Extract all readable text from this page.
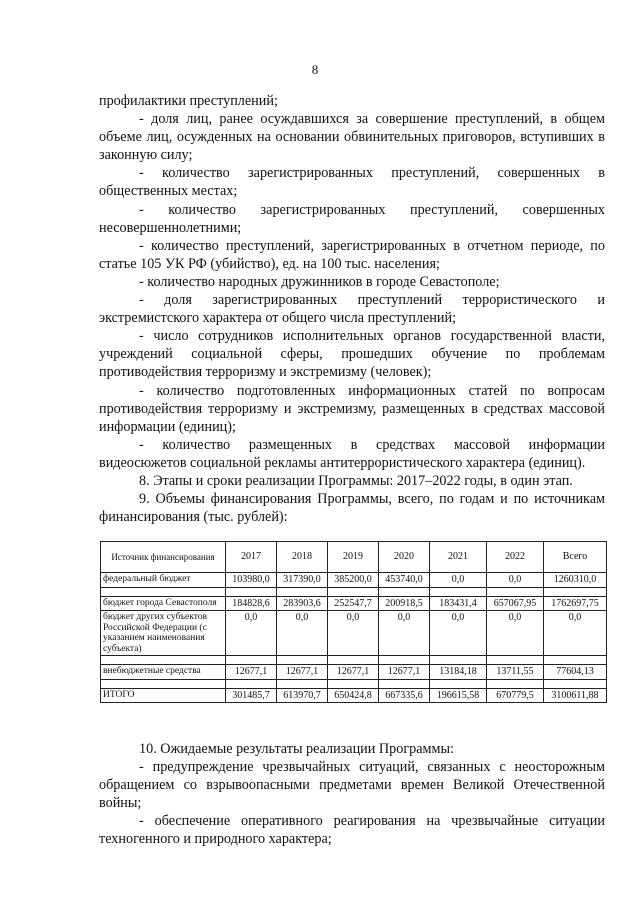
8

профилактики преступлений;

- доля лиц, ранее осуждавшихся за совершение преступлений, в общем объеме лиц, осужденных на основании обвинительных приговоров, вступивших в законную силу;

- количество зарегистрированных преступлений, совершенных в общественных местах;

- количество зарегистрированных преступлений, совершенных несовершеннолетними;

- количество преступлений, зарегистрированных в отчетном периоде, по статье 105 УК РФ (убийство), ед. на 100 тыс. населения;

- количество народных дружинников в городе Севастополе;

- доля зарегистрированных преступлений террористического и экстремистского характера от общего числа преступлений;

- число сотрудников исполнительных органов государственной власти, учреждений социальной сферы, прошедших обучение по проблемам противодействия терроризму и экстремизму (человек);

- количество подготовленных информационных статей по вопросам противодействия терроризму и экстремизму, размещенных в средствах массовой информации (единиц);

- количество размещенных в средствах массовой информации видеосюжетов социальной рекламы антитеррористического характера (единиц).

8. Этапы и сроки реализации Программы: 2017–2022 годы, в один этап.

9. Объемы финансирования Программы, всего, по годам и по источникам финансирования (тыс. рублей):

Источник финансирования	2017	2018	2019	2020	2021	2022	Всего
федеральный бюджет	103980,0	317390,0	385200,0	453740,0	0,0	0,0	1260310,0

бюджет города Севастополя	184828,6	283903,6	252547,7	200918,5	183431,4	657067,95	1762697,75
бюджет других субъектов Российской Федерации (с указанием наименования субъекта)	0,0	0,0	0,0	0,0	0,0	0,0	0,0

внебюджетные средства	12677,1	12677,1	12677,1	12677,1	13184,18	13711,55	77604,13

ИТОГО	301485,7	613970,7	650424,8	667335,6	196615,58	670779,5	3100611,88

10. Ожидаемые результаты реализации Программы:

- предупреждение чрезвычайных ситуаций, связанных с неосторожным обращением со взрывоопасными предметами времен Великой Отечественной войны;

- обеспечение оперативного реагирования на чрезвычайные ситуации техногенного и природного характера;
